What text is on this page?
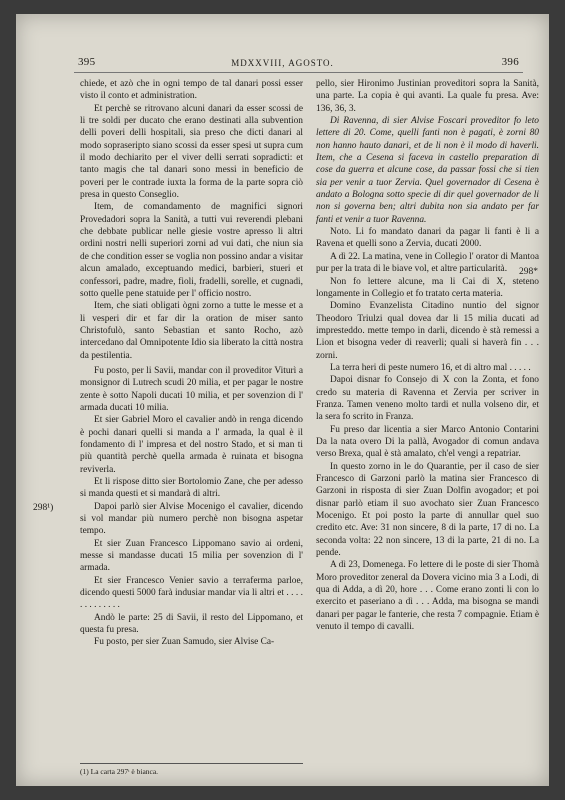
395	MDXXVIII, AGOSTO.	396
298¹)
298*

chiede, et azò che in ogni tempo de tal danari possi esser visto il conto et administration.

Et perchè se ritrovano alcuni danari da esser scossi de li tre soldi per ducato che erano destinati alla subvention delli poveri delli hospitali, sia preso che dicti danari al modo sopraseripto siano scossi da esser spesi ut supra cum il modo dechiarito per el viver delli serrati sopradicti: et tanto magis che tal danari sono messi in beneficio de poveri per le contrade iuxta la forma de la parte sopra ciò presa in questo Conseglio.

Item, de comandamento de magnifici signori Provedadori sopra la Sanità, a tutti vui reverendi plebani che debbate publicar nelle giesie vostre apresso li altri ordini nostri nelli superiori zorni ad vui dati, che niun sia de che condition esser se voglia non possino andar a visitar alcun amalado, exceptuando medici, barbieri, stueri et confessori, padre, madre, fioli, fradelli, sorelle, et cugnadi, sotto quelle pene statuide per l' officio nostro.

Item, che siati obligati ògni zorno a tutte le messe et a li vesperi dir et far dir la oration de miser santo Christofulò, santo Sebastian et santo Rocho, azò intercedano dal Omnipotente Idio sia liberato la città nostra da pestilentia.

Fu posto, per li Savii, mandar con il proveditor Viturì a monsignor di Lutrech scudi 20 milia, et per pagar le nostre zente è sotto Napoli ducati 10 milia, et per sovenzion di l' armada ducati 10 milia.

Et sier Gabriel Moro el cavalier andò in renga dicendo è pochi danari quelli si manda a l' armada, la qual è il fondamento di l' impresa et del nostro Stado, et si man ti più quantità perchè quella armada è ruinata et bisogna reviverla.

Et li rispose ditto sier Bortolomio Zane, che per adesso si manda questi et si mandarà di altri.

Dapoi parlò sier Alvise Mocenigo el cavalier, dicendo si vol mandar più numero perchè non bisogna aspetar tempo.

Et sier Zuan Francesco Lippomano savio ai ordeni, messe si mandasse ducati 15 milia per sovenzion di l' armada.

Et sier Francesco Venier savio a terraferma parloe, dicendo questi 5000 farà indusiar mandar via li altri et . . . . . . . . . . . . .

Andò le parte: 25 di Savii, il resto del Lippomano, et questa fu presa.

Fu posto, per sier Zuan Samudo, sier Alvise Ca-

(1) La carta 297ᵗ è bianca.

pello, sier Hironimo Justinian proveditori sopra la Sanità, una parte. La copia è qui avanti. La quale fu presa. Ave: 136, 36, 3.

Di Ravenna, di sier Alvise Foscari proveditor fo leto lettere di 20. Come, quelli fanti non è pagati, è zorni 80 non hanno hauto danari, et de li non è il modo di haverli. Item, che a Cesena si faceva in castello preparation di cose da guerra et alcune cose, da passar fossi che si tien sia per venir a tuor Zervia. Quel governador di Cesena è andato a Bologna sotto specie di dir quel governador de li non si governa ben; altri dubita non sia andato per far fanti et venir a tuor Ravenna.

Noto. Li fo mandato danari da pagar li fanti è li a Ravena et quelli sono a Zervia, ducati 2000.

A dì 22. La matina, vene in Collegio l' orator di Mantoa pur per la trata di le biave vol, et altre particularità.

Non fo lettere alcune, ma li Cai di X, steteno longamente in Collegio et fo tratato certa materia.

Domino Evanzelista Citadino nuntio del signor Theodoro Triulzi qual doveа dar li 15 milia ducati ad impresteddo. mette tempo in darli, dicendo è stà remessi a Lion et bisogna veder di reaverli; quali si haverà fin . . . zorni.

La terra heri di peste numero 16, et di altro mal . . . . .

Dapoi disnar fo Consejo di X con la Zonta, et fono credo su materia di Ravenna et Zervia per scriver in Franza. Tamen veneno molto tardi et nulla volseno dir, et la sera fo scrito in Franza.

Fu preso dar licentia a sier Marco Antonio Contarini Da la nata overo Di la pallà, Avogador di comun andava verso Brexa, qual è stà amalato, ch'el vengi a repatriar.

In questo zorno in le do Quarantie, per il caso de sier Francesco di Garzoni parlò la matina sier Francesco di Garzoni in risposta di sier Zuan Dolfin avogador; et poi disnar parlò etiam il suo avochato sier Zuan Francesco Mocenigo. Et poi posto la parte di annullar quel suo credito etc. Ave: 31 non sincere, 8 di la parte, 17 di no. La seconda volta: 22 non sincere, 13 di la parte, 21 di no. La pende.

A dì 23, Domenega. Fo lettere di le poste di sier Thomà Moro proveditor zeneral da Dovera vicino mia 3 a Lodi, di qua di Adda, a dì 20, hore . . . Come erano zonti li con lo exercito et paseriano a dì . . . Adda, ma bisogna se mandi danari per pagar le fanterie, che resta 7 compagnie. Etiam è venuto il tempo di cavalli.
